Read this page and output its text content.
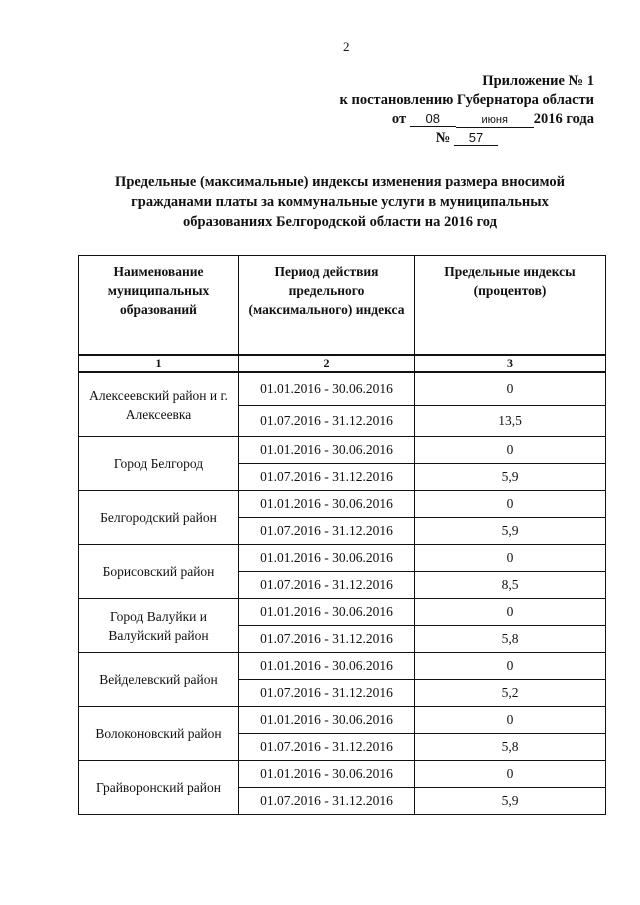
2
Приложение № 1
к постановлению Губернатора области
от 08	июня 2016 года
№ 57
Предельные (максимальные) индексы изменения размера вносимой
гражданами платы за коммунальные услуги в муниципальных
образованиях Белгородской области на 2016 год
Наименование муниципальных образований	Период действия предельного (максимального) индекса	Предельные индексы (процентов)
1	2	3
Алексеевский район и г. Алексеевка	01.01.2016 - 30.06.2016	0
	01.07.2016 - 31.12.2016	13,5
Город Белгород	01.01.2016 - 30.06.2016	0
	01.07.2016 - 31.12.2016	5,9
Белгородский район	01.01.2016 - 30.06.2016	0
	01.07.2016 - 31.12.2016	5,9
Борисовский район	01.01.2016 - 30.06.2016	0
	01.07.2016 - 31.12.2016	8,5
Город Валуйки и Валуйский район	01.01.2016 - 30.06.2016	0
	01.07.2016 - 31.12.2016	5,8
Вейделевский район	01.01.2016 - 30.06.2016	0
	01.07.2016 - 31.12.2016	5,2
Волоконовский район	01.01.2016 - 30.06.2016	0
	01.07.2016 - 31.12.2016	5,8
Грайворонский район	01.01.2016 - 30.06.2016	0
	01.07.2016 - 31.12.2016	5,9
